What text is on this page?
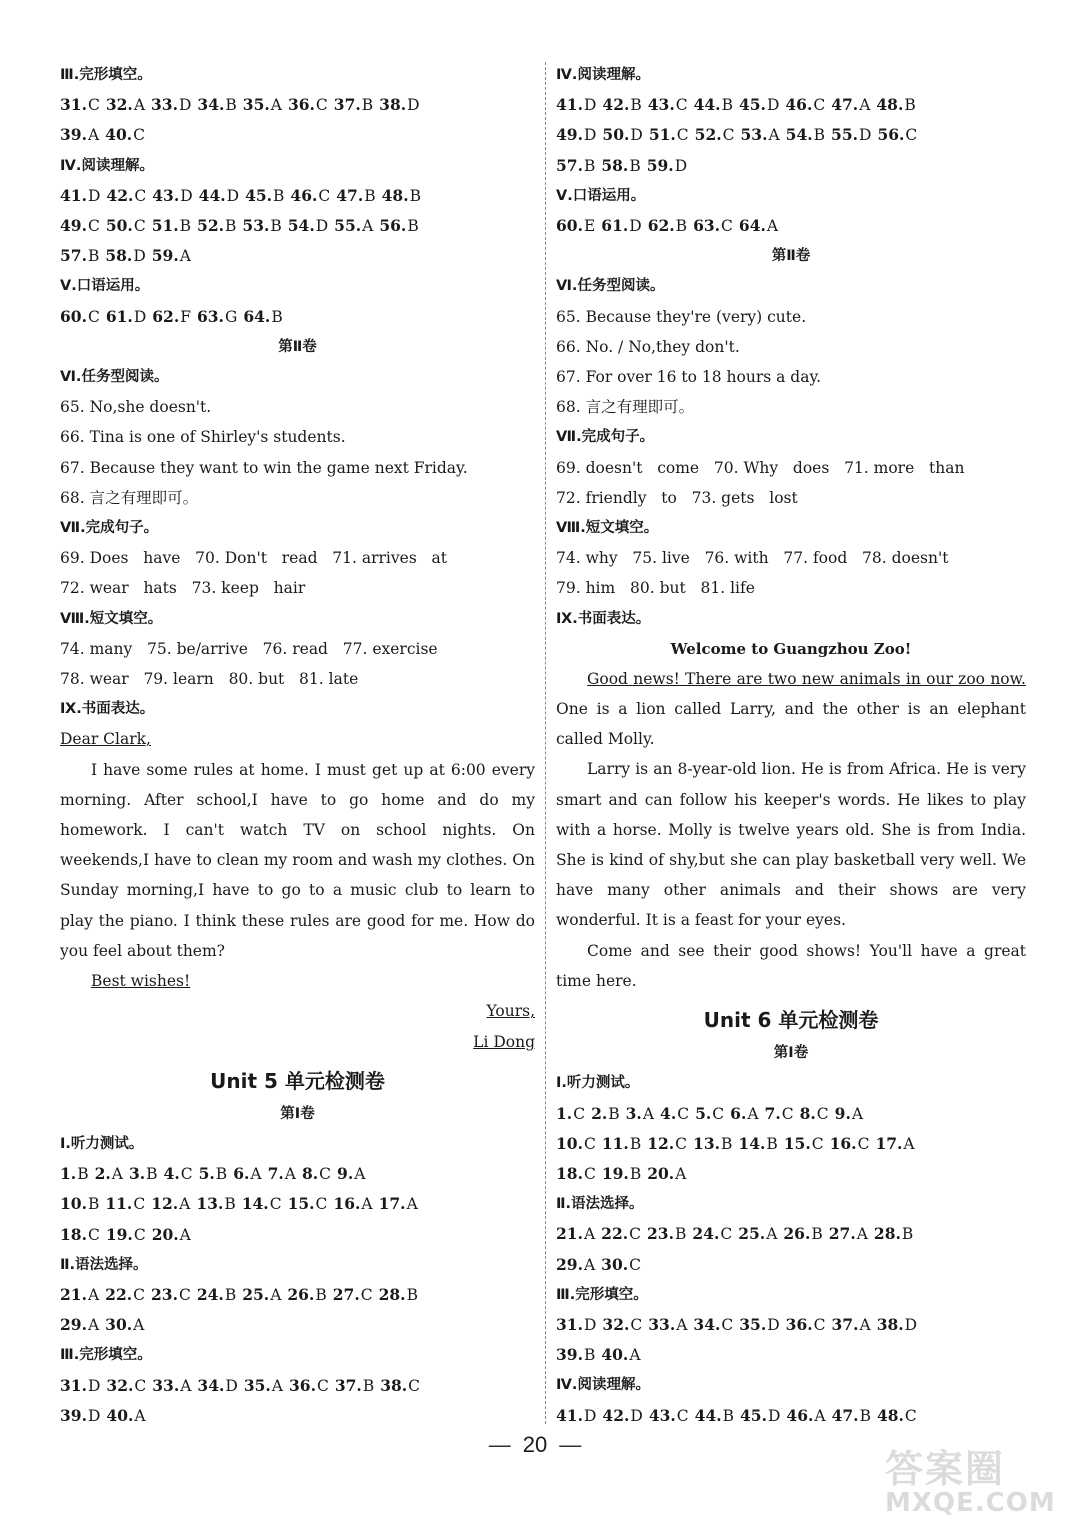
Ⅲ.完形填空。
31.C 32.A 33.D 34.B 35.A 36.C 37.B 38.D
39.A 40.C
Ⅳ.阅读理解。
41.D 42.C 43.D 44.D 45.B 46.C 47.B 48.B
49.C 50.C 51.B 52.B 53.B 54.D 55.A 56.B
57.B 58.D 59.A
Ⅴ.口语运用。
60.C 61.D 62.F 63.G 64.B
第Ⅱ卷
Ⅵ.任务型阅读。
65. No,she doesn't.
66. Tina is one of Shirley's students.
67. Because they want to win the game next Friday.
68. 言之有理即可。
Ⅶ.完成句子。
69. Does   have   70. Don't   read   71. arrives   at
72. wear   hats   73. keep   hair
Ⅷ.短文填空。
74. many   75. be/arrive   76. read   77. exercise
78. wear   79. learn   80. but   81. late
Ⅸ.书面表达。
Dear Clark,
I have some rules at home. I must get up at 6:00 every morning. After school,I have to go home and do my homework. I can't watch TV on school nights. On weekends,I have to clean my room and wash my clothes. On Sunday morning,I have to go to a music club to learn to play the piano. I think these rules are good for me. How do you feel about them?
Best wishes!
Yours,
Li Dong
Unit 5 单元检测卷
第Ⅰ卷
Ⅰ.听力测试。
1.B 2.A 3.B 4.C 5.B 6.A 7.A 8.C 9.A
10.B 11.C 12.A 13.B 14.C 15.C 16.A 17.A
18.C 19.C 20.A
Ⅱ.语法选择。
21.A 22.C 23.C 24.B 25.A 26.B 27.C 28.B
29.A 30.A
Ⅲ.完形填空。
31.D 32.C 33.A 34.D 35.A 36.C 37.B 38.C
39.D 40.A
Ⅳ.阅读理解。
41.D 42.B 43.C 44.B 45.D 46.C 47.A 48.B
49.D 50.D 51.C 52.C 53.A 54.B 55.D 56.C
57.B 58.B 59.D
Ⅴ.口语运用。
60.E 61.D 62.B 63.C 64.A
第Ⅱ卷
Ⅵ.任务型阅读。
65. Because they're (very) cute.
66. No. / No,they don't.
67. For over 16 to 18 hours a day.
68. 言之有理即可。
Ⅶ.完成句子。
69. doesn't   come   70. Why   does   71. more   than
72. friendly   to   73. gets   lost
Ⅷ.短文填空。
74. why   75. live   76. with   77. food   78. doesn't
79. him   80. but   81. life
Ⅸ.书面表达。
Welcome to Guangzhou Zoo!
Good news! There are two new animals in our zoo now. One is a lion called Larry, and the other is an elephant called Molly.
Larry is an 8-year-old lion. He is from Africa. He is very smart and can follow his keeper's words. He likes to play with a horse. Molly is twelve years old. She is from India. She is kind of shy,but she can play basketball very well. We have many other animals and their shows are very wonderful. It is a feast for your eyes.
Come and see their good shows! You'll have a great time here.
Unit 6 单元检测卷
第Ⅰ卷
Ⅰ.听力测试。
1.C 2.B 3.A 4.C 5.C 6.A 7.C 8.C 9.A
10.C 11.B 12.C 13.B 14.B 15.C 16.C 17.A
18.C 19.B 20.A
Ⅱ.语法选择。
21.A 22.C 23.B 24.C 25.A 26.B 27.A 28.B
29.A 30.C
Ⅲ.完形填空。
31.D 32.C 33.A 34.C 35.D 36.C 37.A 38.D
39.B 40.A
Ⅳ.阅读理解。
41.D 42.D 43.C 44.B 45.D 46.A 47.B 48.C
— 20 —
答案圈
MXQE.COM
